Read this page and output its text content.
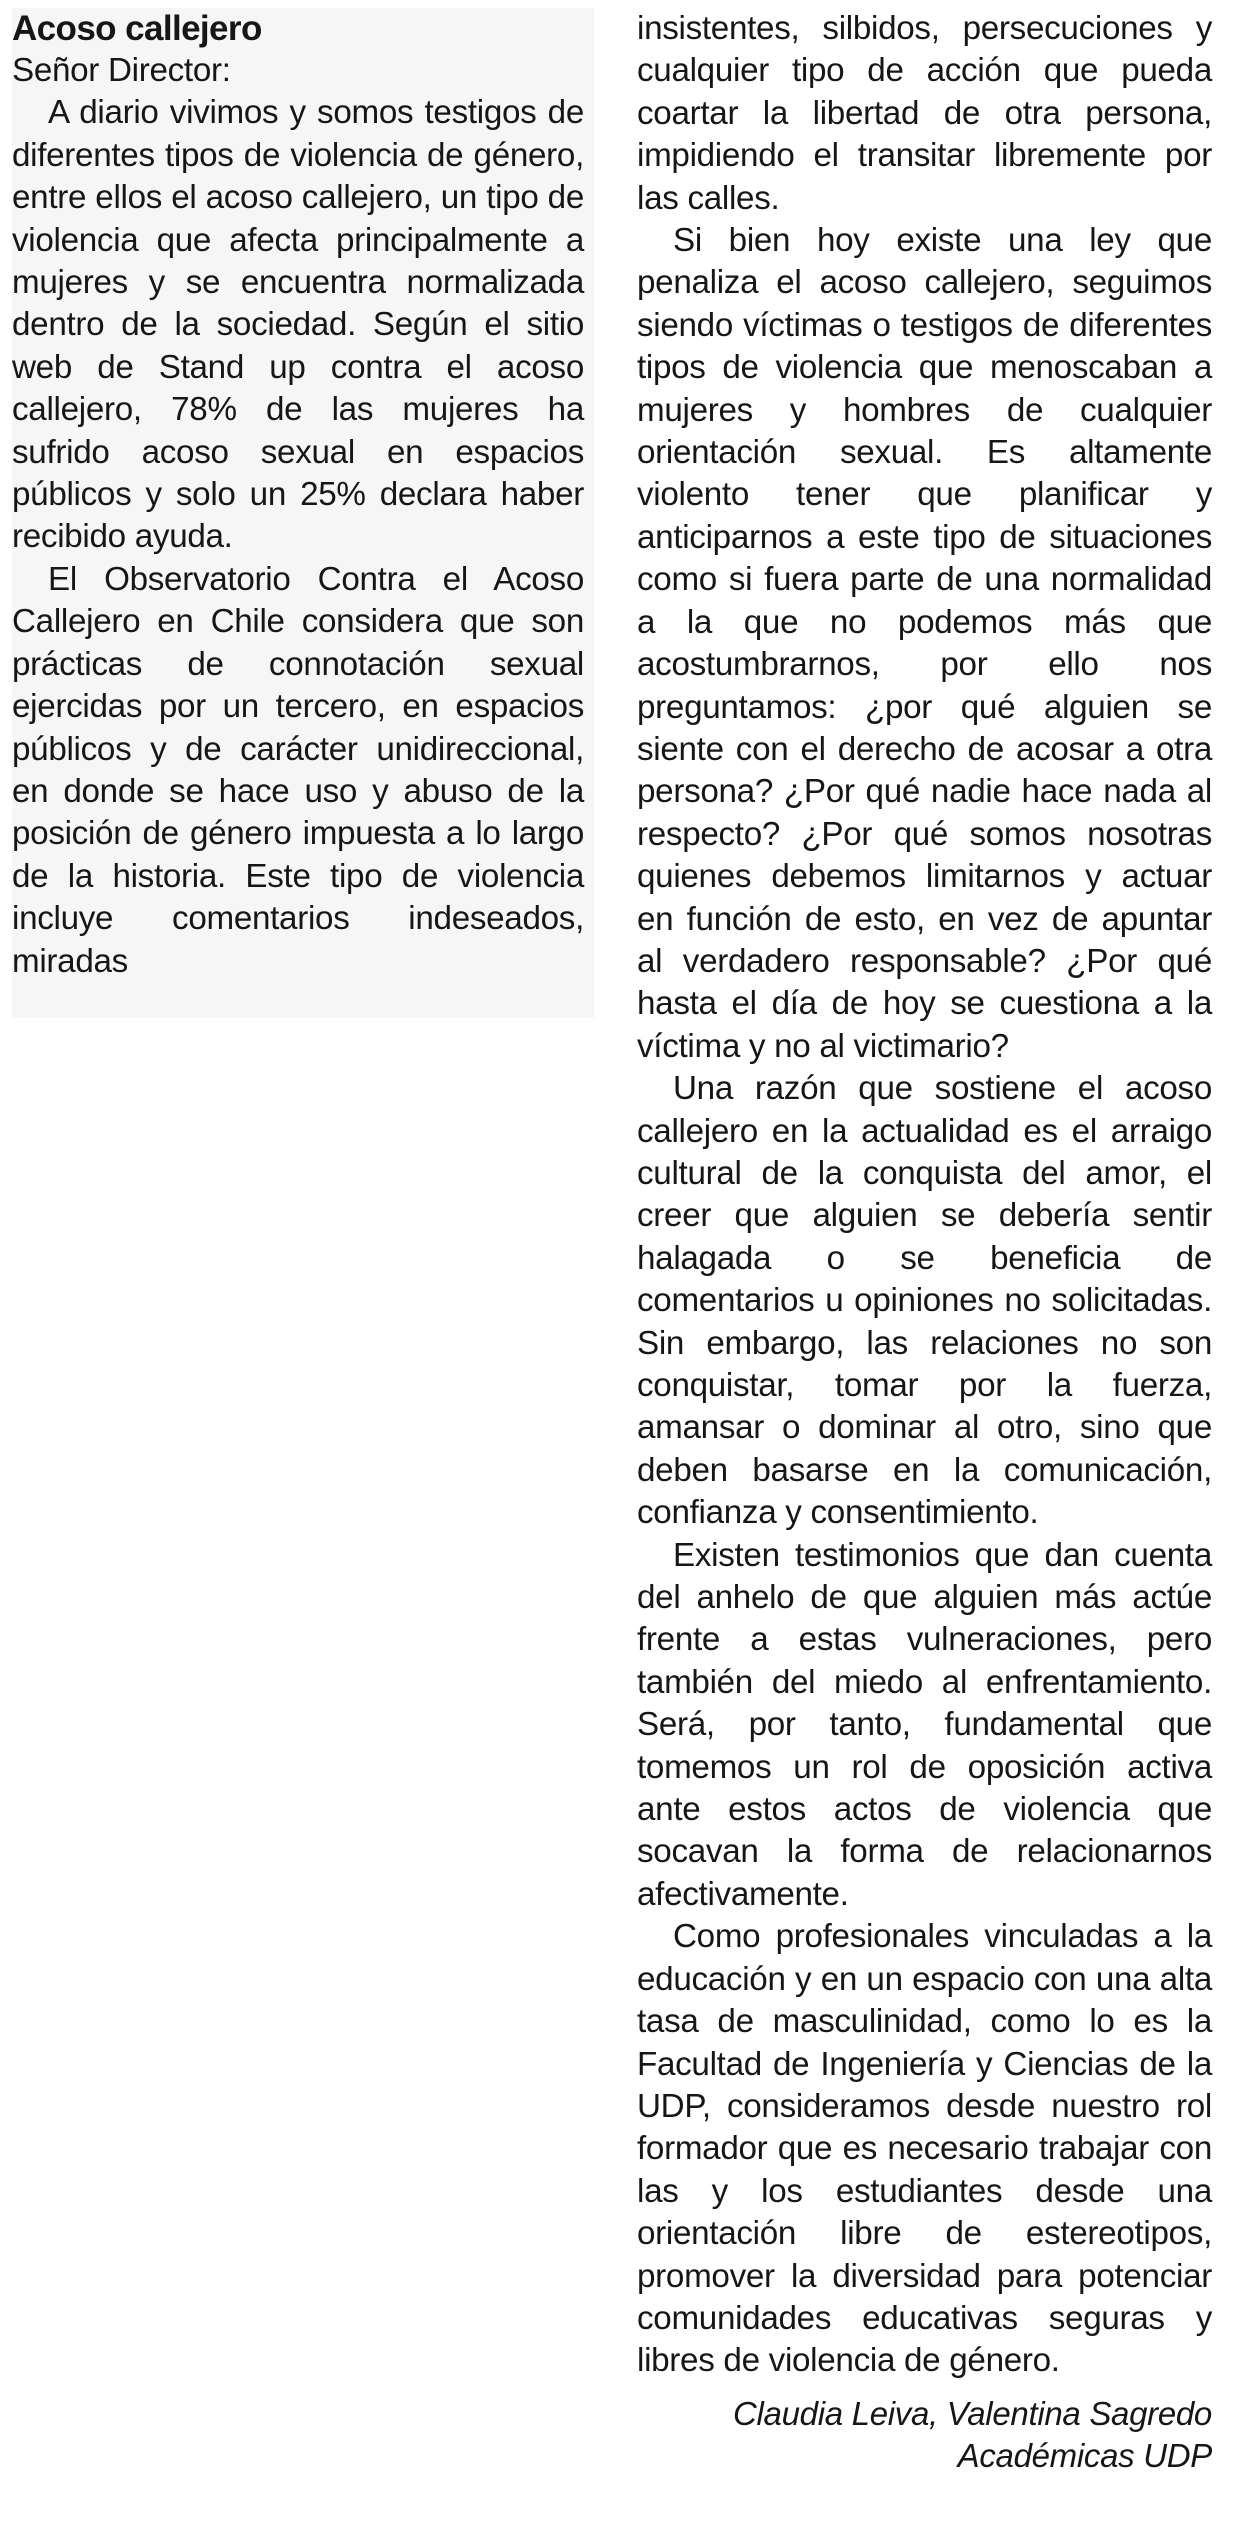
Acoso callejero

Señor Director:

A diario vivimos y somos testigos de diferentes tipos de violencia de género, entre ellos el acoso callejero, un tipo de violencia que afecta principalmente a mujeres y se encuentra normalizada dentro de la sociedad. Según el sitio web de Stand up contra el acoso callejero, 78% de las mujeres ha sufrido acoso sexual en espacios públicos y solo un 25% declara haber recibido ayuda.

El Observatorio Contra el Acoso Callejero en Chile considera que son prácticas de connotación sexual ejercidas por un tercero, en espacios públicos y de carácter unidireccional, en donde se hace uso y abuso de la posición de género impuesta a lo largo de la historia. Este tipo de violencia incluye comentarios indeseados, miradas

insistentes, silbidos, persecuciones y cualquier tipo de acción que pueda coartar la libertad de otra persona, impidiendo el transitar libremente por las calles.

Si bien hoy existe una ley que penaliza el acoso callejero, seguimos siendo víctimas o testigos de diferentes tipos de violencia que menoscaban a mujeres y hombres de cualquier orientación sexual. Es altamente violento tener que planificar y anticiparnos a este tipo de situaciones como si fuera parte de una normalidad a la que no podemos más que acostumbrarnos, por ello nos preguntamos: ¿por qué alguien se siente con el derecho de acosar a otra persona? ¿Por qué nadie hace nada al respecto? ¿Por qué somos nosotras quienes debemos limitarnos y actuar en función de esto, en vez de apuntar al verdadero responsable? ¿Por qué hasta el día de hoy se cuestiona a la víctima y no al victimario?

Una razón que sostiene el acoso callejero en la actualidad es el arraigo cultural de la conquista del amor, el creer que alguien se debería sentir halagada o se beneficia de comentarios u opiniones no solicitadas. Sin embargo, las relaciones no son conquistar, tomar por la fuerza, amansar o dominar al otro, sino que deben basarse en la comunicación, confianza y consentimiento.

Existen testimonios que dan cuenta del anhelo de que alguien más actúe frente a estas vulneraciones, pero también del miedo al enfrentamiento. Será, por tanto, fundamental que tomemos un rol de oposición activa ante estos actos de violencia que socavan la forma de relacionarnos afectivamente.

Como profesionales vinculadas a la educación y en un espacio con una alta tasa de masculinidad, como lo es la Facultad de Ingeniería y Ciencias de la UDP, consideramos desde nuestro rol formador que es necesario trabajar con las y los estudiantes desde una orientación libre de estereotipos, promover la diversidad para potenciar comunidades educativas seguras y libres de violencia de género.

Claudia Leiva, Valentina Sagredo
Académicas UDP
